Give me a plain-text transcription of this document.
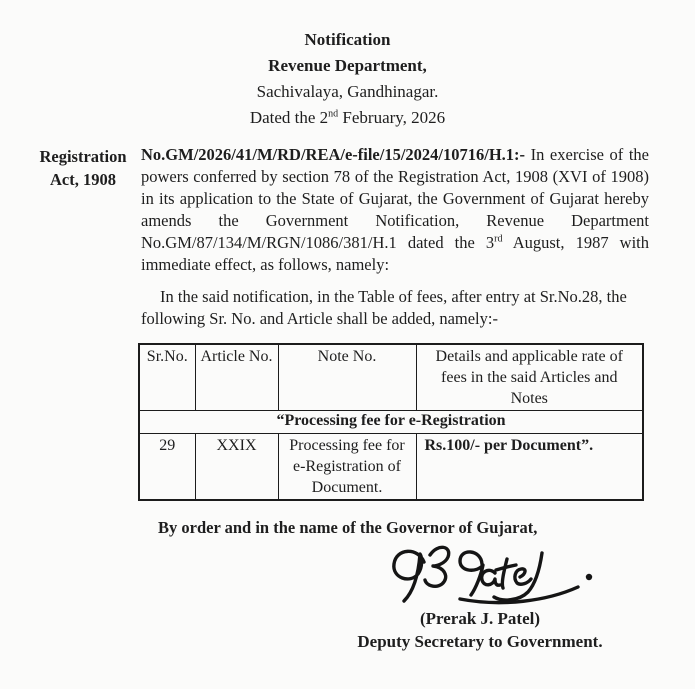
Notification
Revenue Department,
Sachivalaya, Gandhinagar.
Dated the 2nd February, 2026
Registration
Act, 1908

No.GM/2026/41/M/RD/REA/e-file/15/2024/10716/H.1:- In exercise of the powers conferred by section 78 of the Registration Act, 1908 (XVI of 1908) in its application to the State of Gujarat, the Government of Gujarat hereby amends the Government Notification, Revenue Department No.GM/87/134/M/RGN/1086/381/H.1 dated the 3rd August, 1987 with immediate effect, as follows, namely:

In the said notification, in the Table of fees, after entry at Sr.No.28, the following Sr. No. and Article shall be added, namely:-

Sr.No.	Article No.	Note No.	Details and applicable rate of fees in the said Articles and Notes
“Processing fee for e-Registration			
29	XXIX	Processing fee for e-Registration of Document.	Rs.100/- per Document”.

By order and in the name of the Governor of Gujarat,

(Prerak J. Patel)
Deputy Secretary to Government.
